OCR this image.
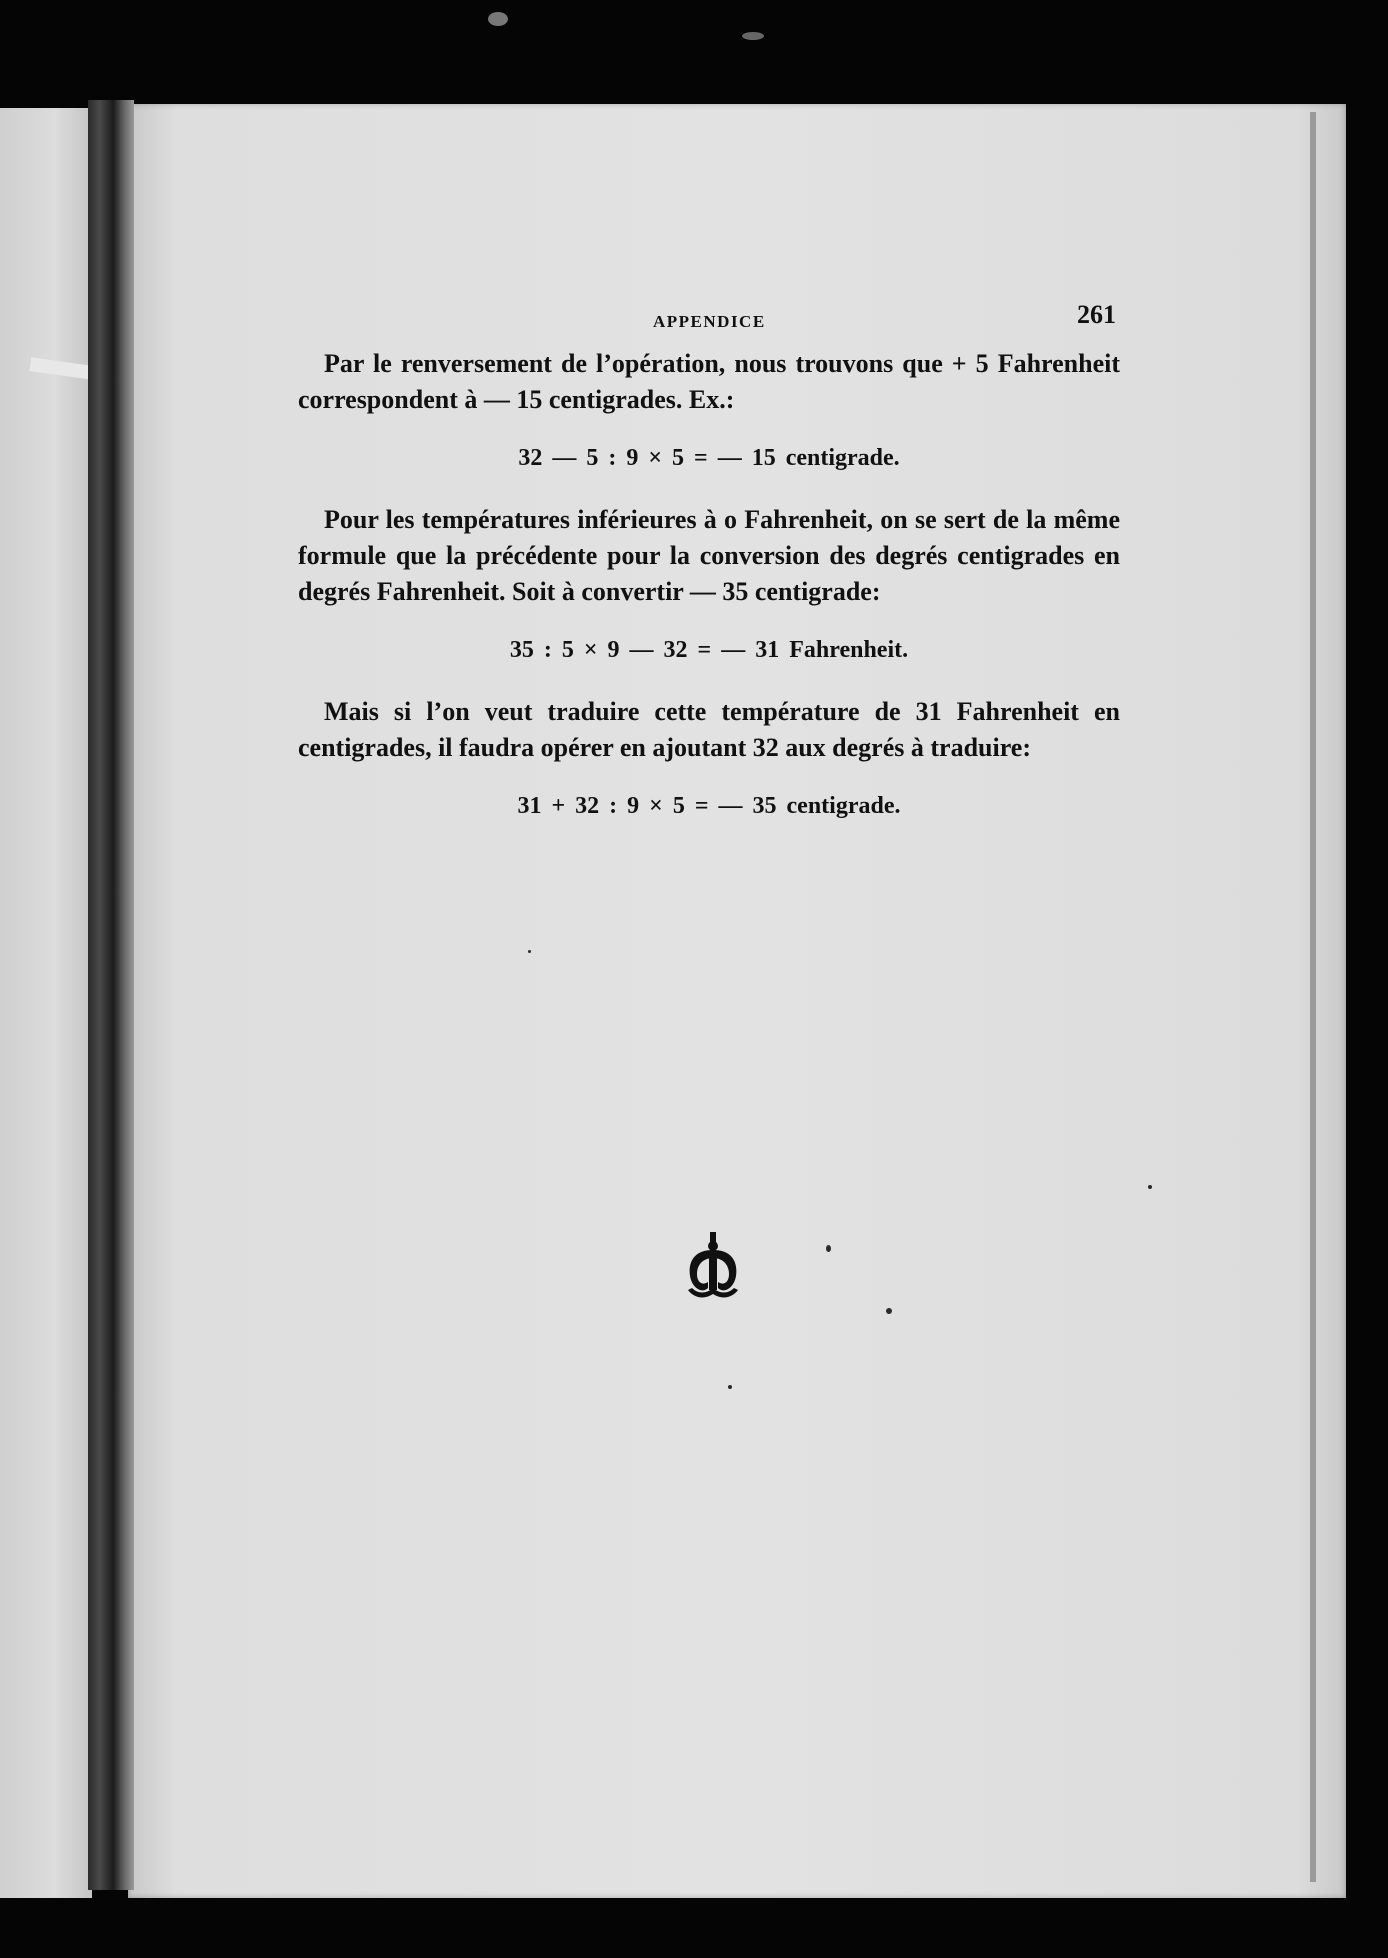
APPENDICE	261

Par le renversement de l’opération, nous trouvons que + 5 Fahrenheit correspondent à — 15 centigrades. Ex.:

32 — 5 : 9 × 5 = — 15 centigrade.

Pour les températures inférieures à o Fahrenheit, on se sert de la même formule que la précédente pour la conversion des degrés centigrades en degrés Fahrenheit. Soit à convertir — 35 centigrade:

35 : 5 × 9 — 32 = — 31 Fahrenheit.

Mais si l’on veut traduire cette température de 31 Fahrenheit en centigrades, il faudra opérer en ajoutant 32 aux degrés à traduire:

31 + 32 : 9 × 5 = — 35 centigrade.
